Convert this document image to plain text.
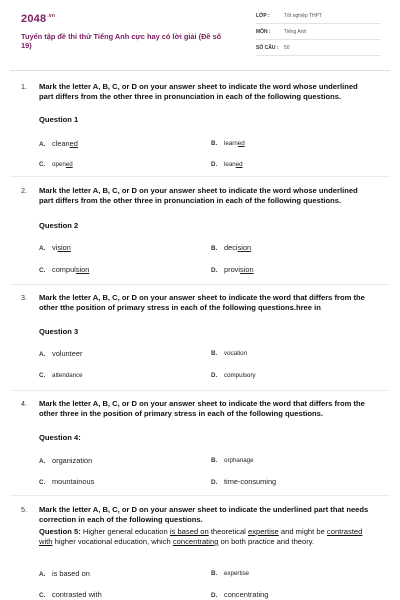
$2048^{.vn}$
Tuyển tập đề thi thử Tiếng Anh cực hay có lời giải (Đề số 19)
LỚP :	Tốt nghiệp THPT
MÔN :	Tiếng Anh
SỐ CÂU : 50
1. Mark the letter A, B, C, or D on your answer sheet to indicate the word whose underlined part differs from the other three in pronunciation in each of the following questions.
Question 1
A. cleaned	B. learned
C. opened	D. leaned
2. Mark the letter A, B, C, or D on your answer sheet to indicate the word whose underlined part differs from the other three in pronunciation in each of the following questions.
Question 2
A. vision	B. decision
C. compulsion	D. provision
3. Mark the letter A, B, C, or D on your answer sheet to indicate the word that differs from the other tthe position of primary stress in each of the following questions.hree in
Question 3
A. volunteer	B. vocation
C. attendance	D. compulsory
4. Mark the letter A, B, C, or D on your answer sheet to indicate the word that differs from the other three in the position of primary stress in each of the following questions.
Question 4:
A. organization	B. orphanage
C. mountainous	D. time-consuming
5. Mark the letter A, B, C, or D on your answer sheet to indicate the underlined part that needs correction in each of the following questions.
Question 5: Higher general education is based on theoretical expertise and might be contrasted with higher vocational education, which concentrating on both practice and theory.
A. is based on	B. expertise
C. contrasted with	D. concentrating
